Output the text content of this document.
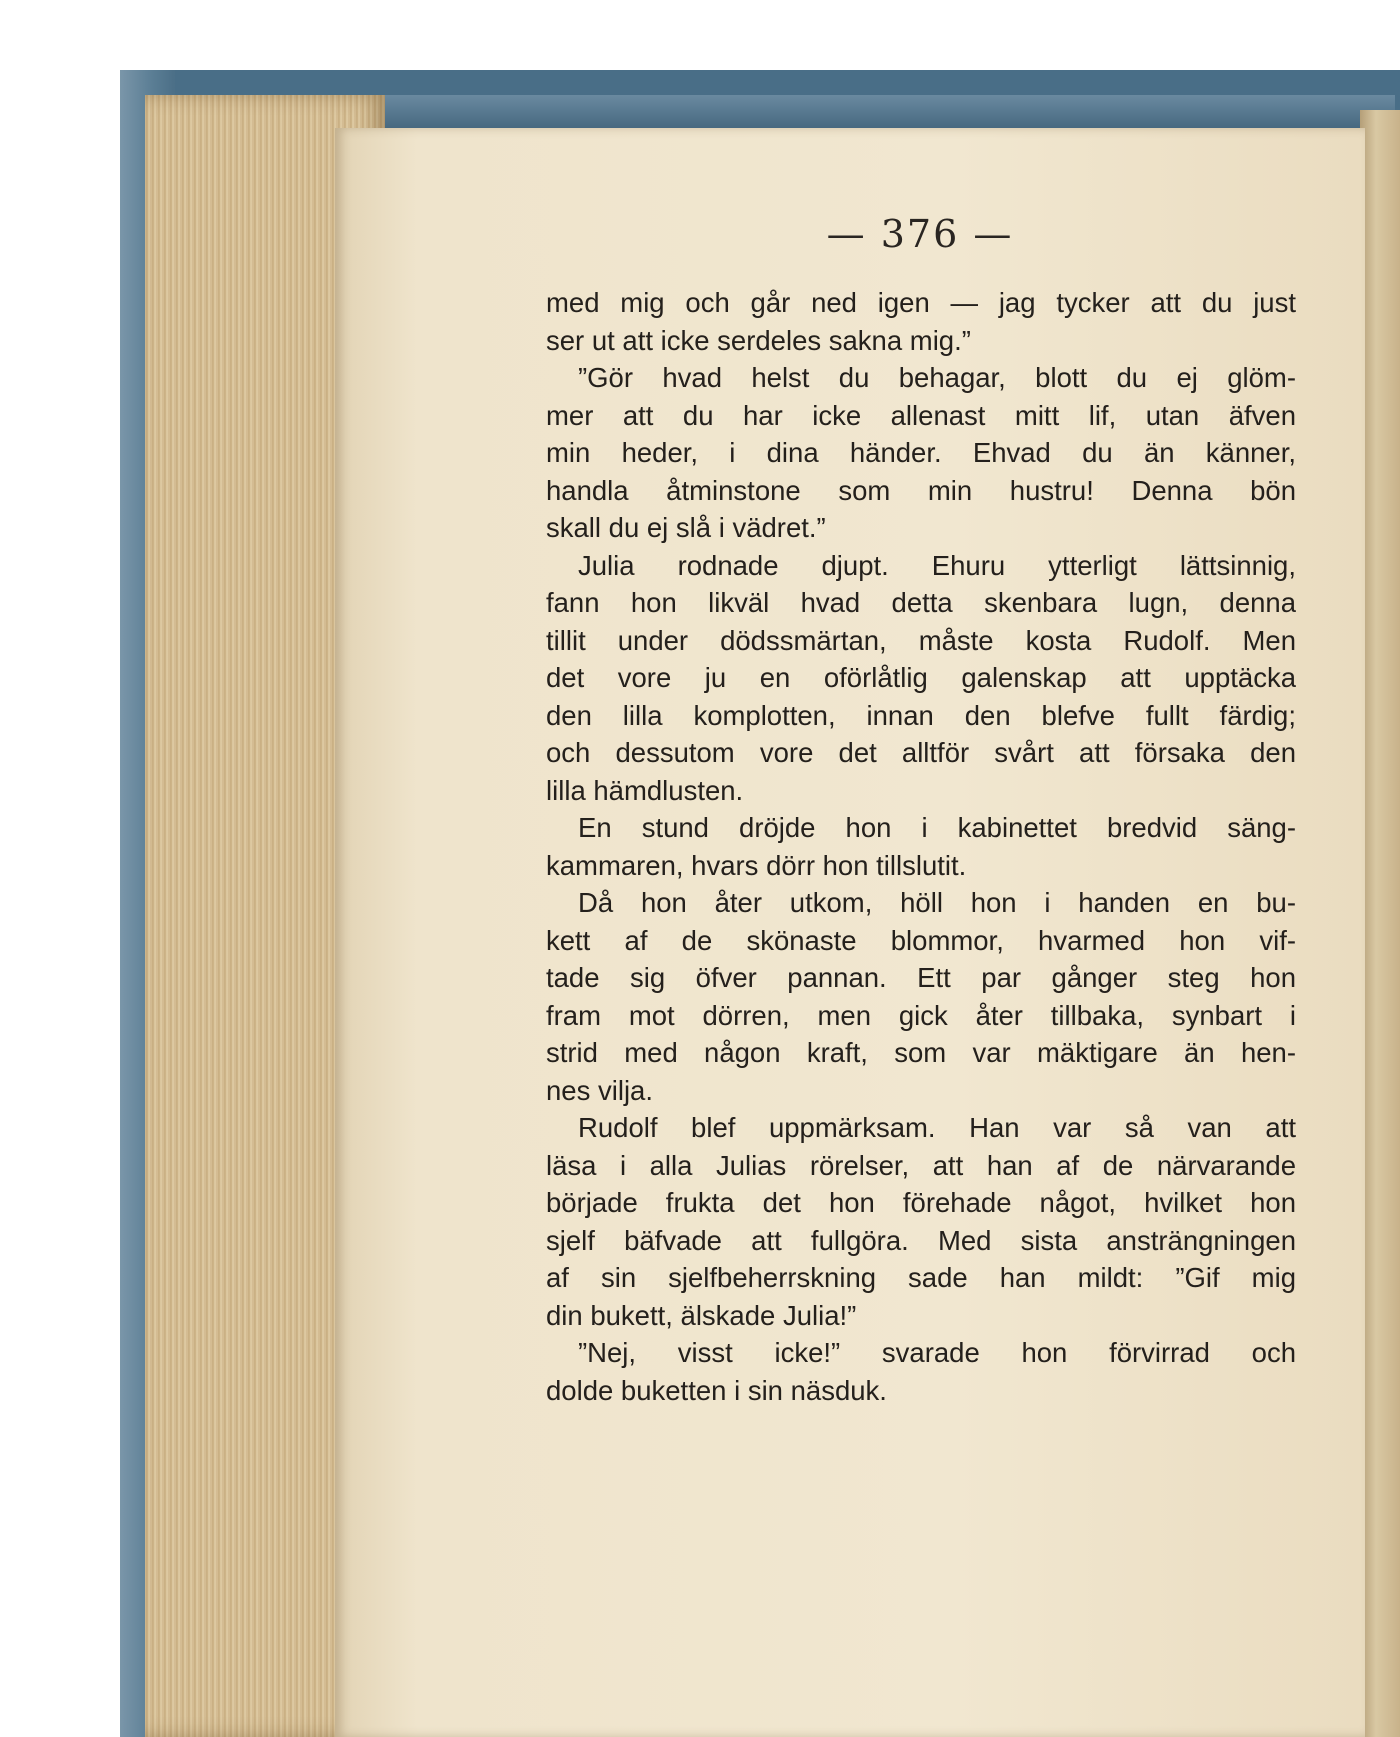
— 376 —
med mig och går ned igen — jag tycker att du just
ser ut att icke serdeles sakna mig.”
”Gör hvad helst du behagar, blott du ej glöm-
mer att du har icke allenast mitt lif, utan äfven
min heder, i dina händer. Ehvad du än känner,
handla åtminstone som min hustru! Denna bön
skall du ej slå i vädret.”
Julia rodnade djupt. Ehuru ytterligt lättsinnig,
fann hon likväl hvad detta skenbara lugn, denna
tillit under dödssmärtan, måste kosta Rudolf. Men
det vore ju en oförlåtlig galenskap att upptäcka
den lilla komplotten, innan den blefve fullt färdig;
och dessutom vore det alltför svårt att försaka den
lilla hämdlusten.
En stund dröjde hon i kabinettet bredvid säng-
kammaren, hvars dörr hon tillslutit.
Då hon åter utkom, höll hon i handen en bu-
kett af de skönaste blommor, hvarmed hon vif-
tade sig öfver pannan. Ett par gånger steg hon
fram mot dörren, men gick åter tillbaka, synbart i
strid med någon kraft, som var mäktigare än hen-
nes vilja.
Rudolf blef uppmärksam. Han var så van att
läsa i alla Julias rörelser, att han af de närvarande
började frukta det hon förehade något, hvilket hon
sjelf bäfvade att fullgöra. Med sista ansträngningen
af sin sjelfbeherrskning sade han mildt: ”Gif mig
din bukett, älskade Julia!”
”Nej, visst icke!” svarade hon förvirrad och
dolde buketten i sin näsduk.
